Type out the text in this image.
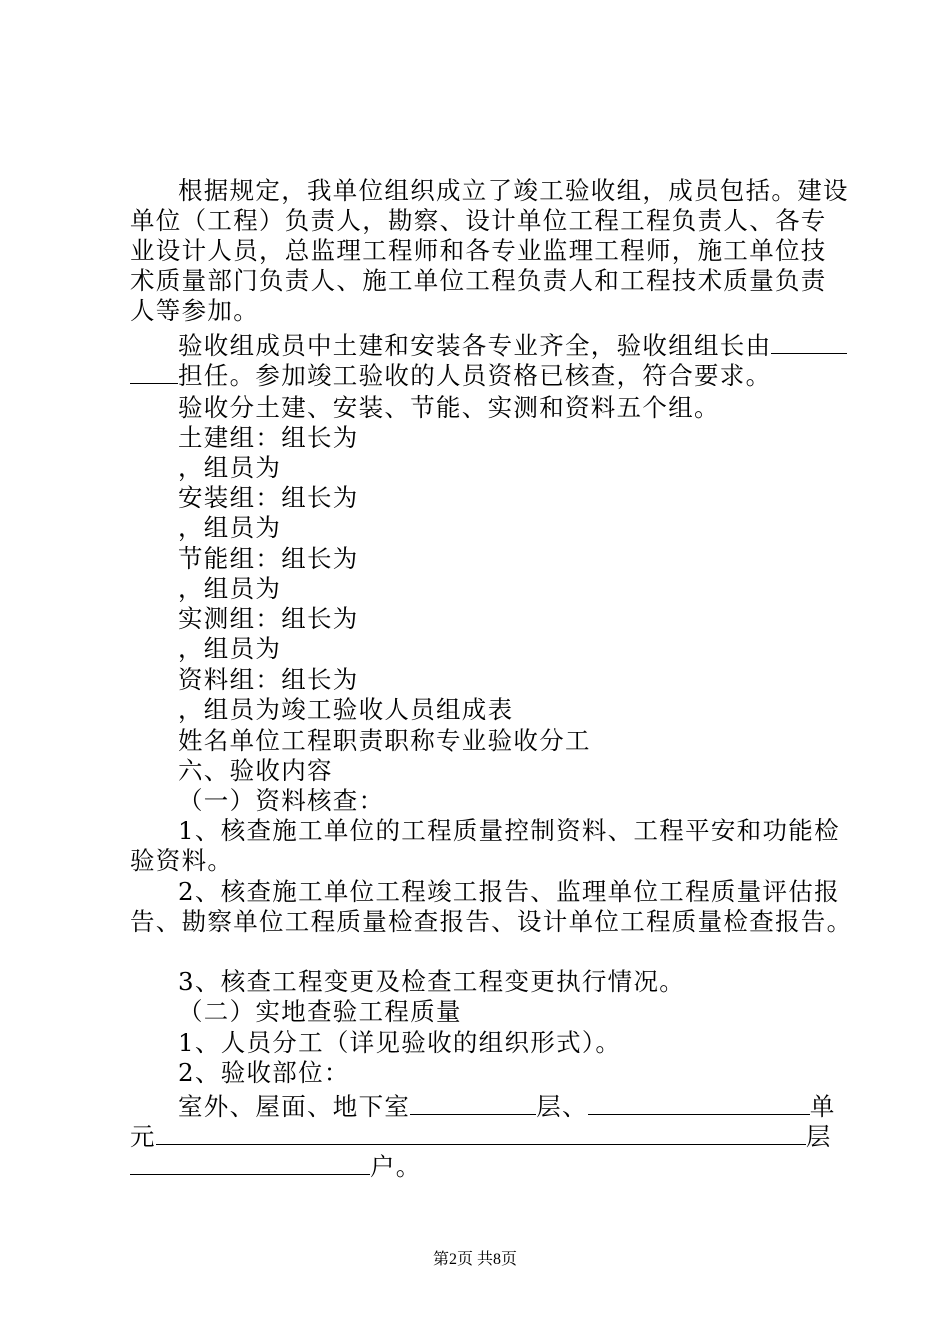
根据规定，我单位组织成立了竣工验收组，成员包括。建设
单位（工程）负责人，勘察、设计单位工程工程负责人、各专
业设计人员，总监理工程师和各专业监理工程师，施工单位技
术质量部门负责人、施工单位工程负责人和工程技术质量负责
人等参加。
验收组成员中土建和安装各专业齐全，验收组组长由
担任。参加竣工验收的人员资格已核查，符合要求。
验收分土建、安装、节能、实测和资料五个组。
土建组：组长为
，组员为
安装组：组长为
，组员为
节能组：组长为
，组员为
实测组：组长为
，组员为
资料组：组长为
，组员为竣工验收人员组成表
姓名单位工程职责职称专业验收分工
六、验收内容
（一）资料核查：
1、核查施工单位的工程质量控制资料、工程平安和功能检
验资料。
2、核查施工单位工程竣工报告、监理单位工程质量评估报
告、勘察单位工程质量检查报告、设计单位工程质量检查报告。
3、核查工程变更及检查工程变更执行情况。
（二）实地查验工程质量
1、人员分工（详见验收的组织形式）。
2、验收部位：
室外、屋面、地下室	层、	单
元	层
户。
第2页 共8页
